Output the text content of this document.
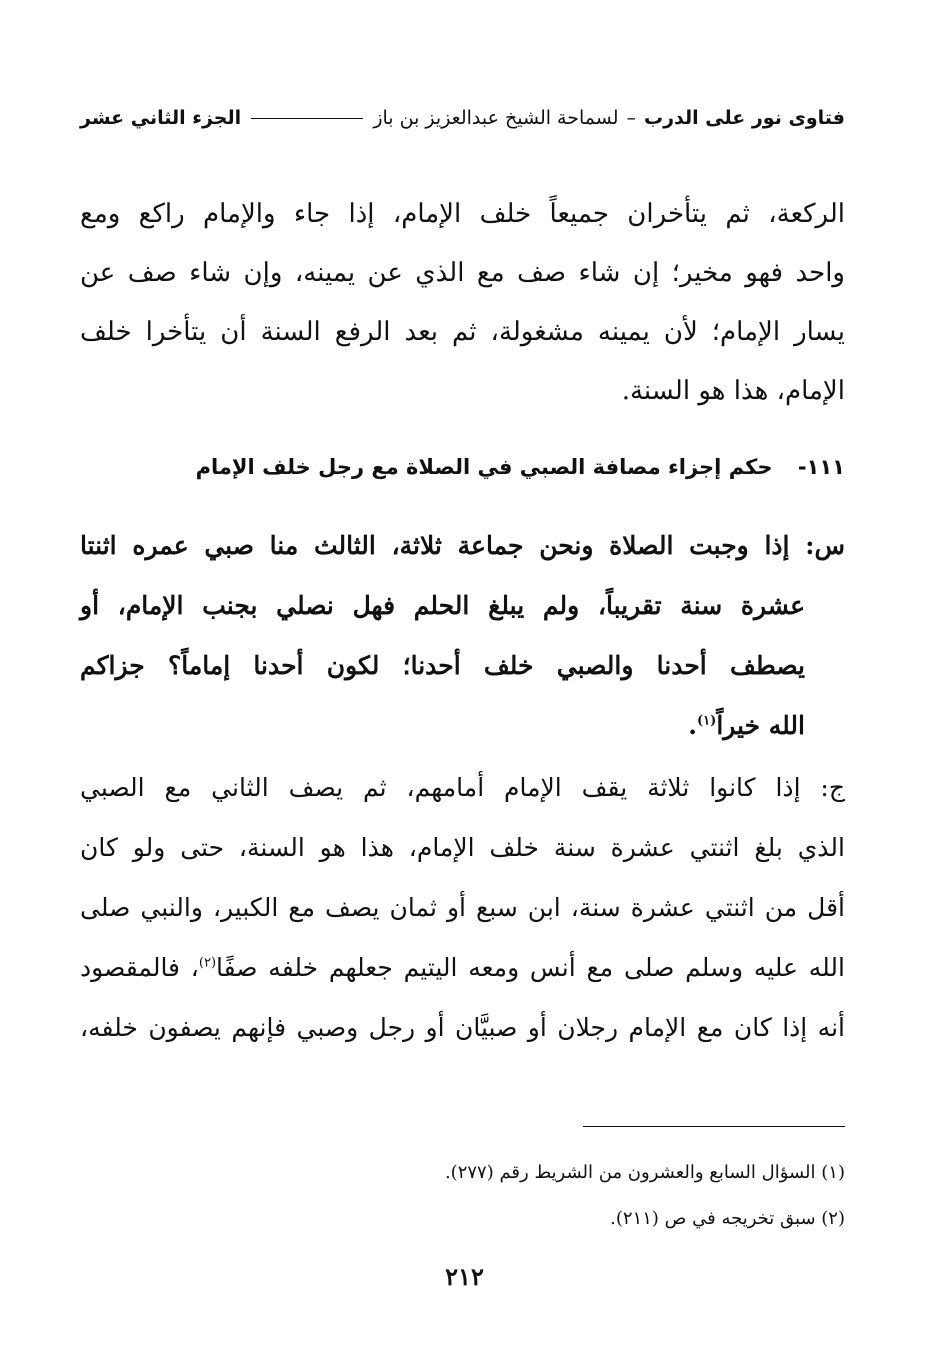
فتاوى نور على الدرب
–
لسماحة الشيخ عبدالعزيز بن باز
الجزء الثاني عشر
الركعة، ثم يتأخران جميعاً خلف الإمام، إذا جاء والإمام راكع ومع
واحد فهو مخير؛ إن شاء صف مع الذي عن يمينه، وإن شاء صف عن
يسار الإمام؛ لأن يمينه مشغولة، ثم بعد الرفع السنة أن يتأخرا خلف
الإمام، هذا هو السنة.
١١١- حكم إجزاء مصافة الصبي في الصلاة مع رجل خلف الإمام
س: إذا وجبت الصلاة ونحن جماعة ثلاثة، الثالث منا صبي عمره اثنتا
عشرة سنة تقريباً، ولم يبلغ الحلم فهل نصلي بجنب الإمام، أو
يصطف أحدنا والصبي خلف أحدنا؛ لكون أحدنا إماماً؟ جزاكم
الله خيراً$^{(١)}$.
ج: إذا كانوا ثلاثة يقف الإمام أمامهم، ثم يصف الثاني مع الصبي
الذي بلغ اثنتي عشرة سنة خلف الإمام، هذا هو السنة، حتى ولو كان
أقل من اثنتي عشرة سنة، ابن سبع أو ثمان يصف مع الكبير، والنبي صلى
الله عليه وسلم صلى مع أنس ومعه اليتيم جعلهم خلفه صفًا$^{(٢)}$، فالمقصود
أنه إذا كان مع الإمام رجلان أو صبيَّان أو رجل وصبي فإنهم يصفون خلفه،
(١) السؤال السابع والعشرون من الشريط رقم (٢٧٧).
(٢) سبق تخريجه في ص (٢١١).
٢١٢
